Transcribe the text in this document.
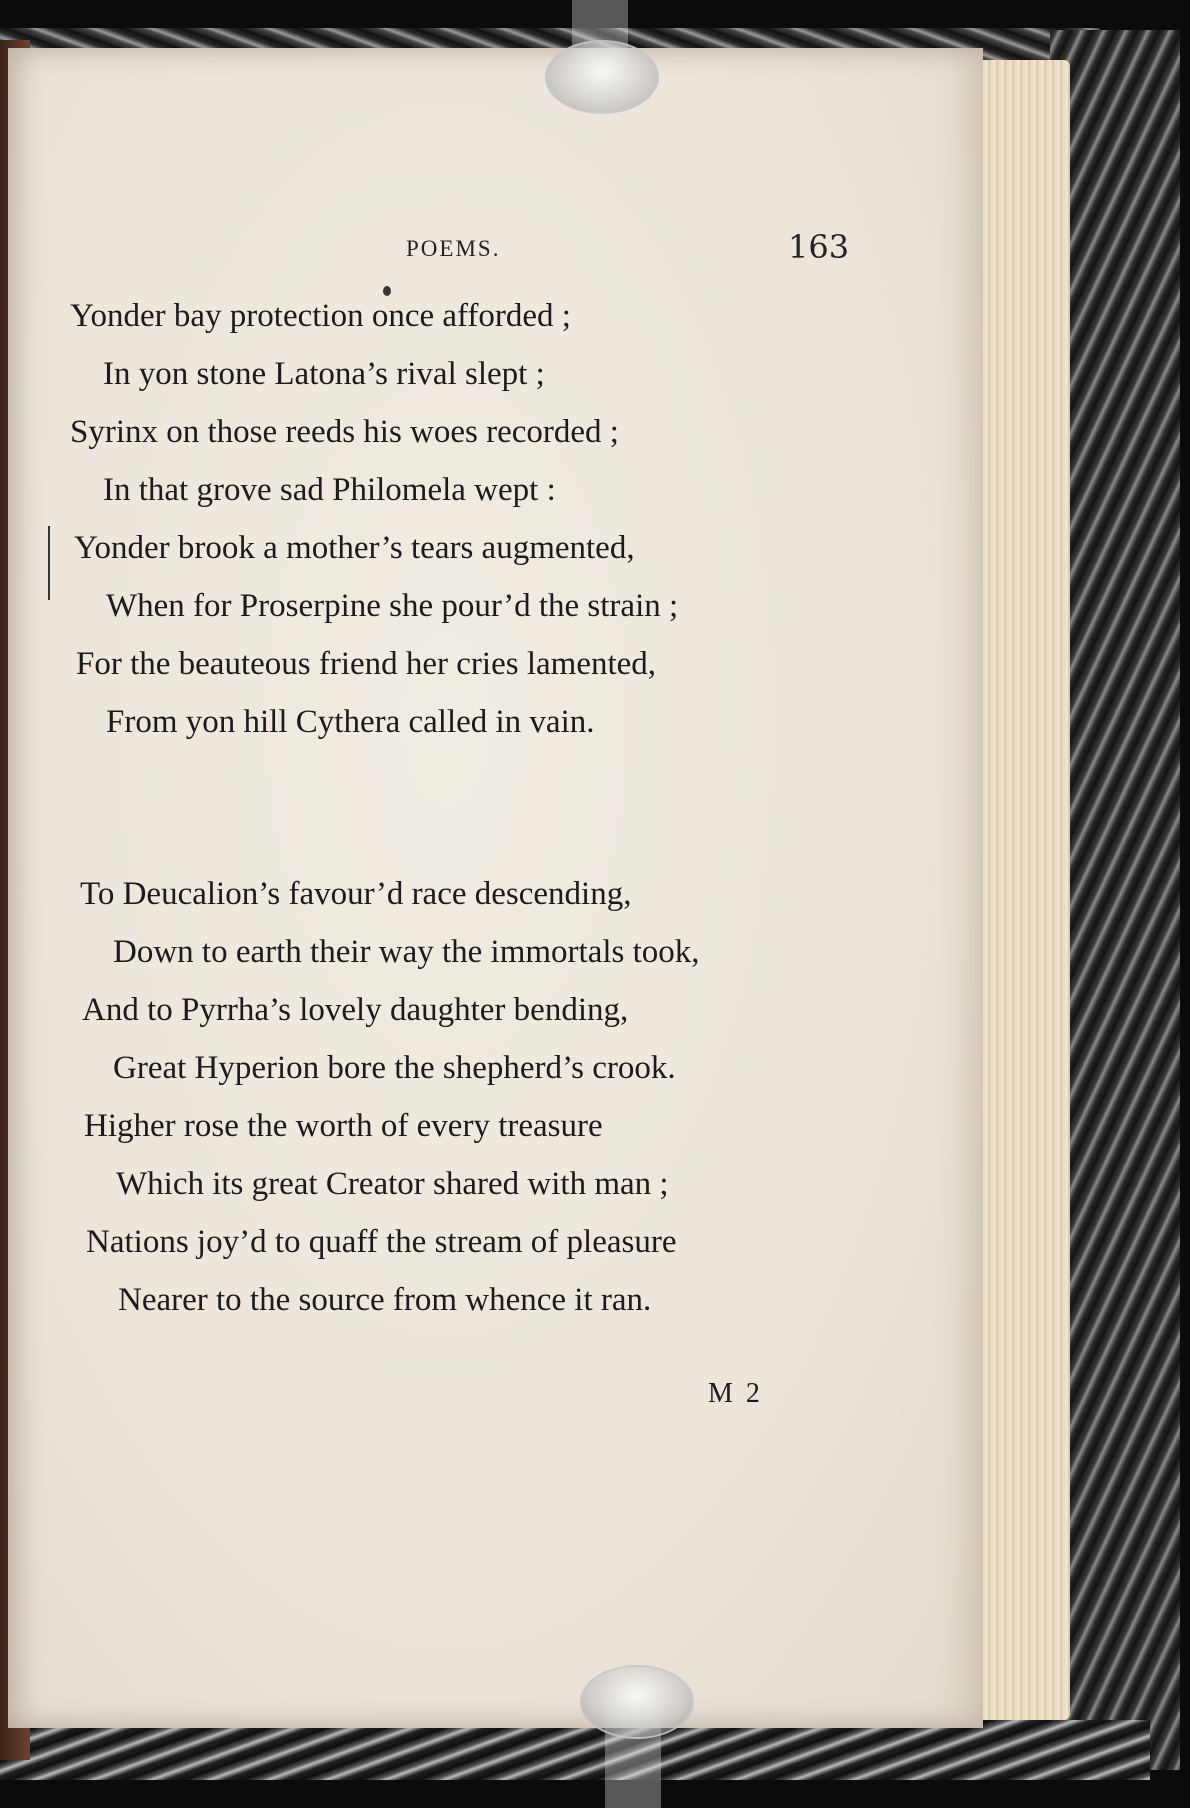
POEMS.	163
Yonder bay protection once afforded ;
In yon stone Latona’s rival slept ;
Syrinx on those reeds his woes recorded ;
In that grove sad Philomela wept :
Yonder brook a mother’s tears augmented,
When for Proserpine she pour’d the strain ;
For the beauteous friend her cries lamented,
From yon hill Cythera called in vain.
To Deucalion’s favour’d race descending,
Down to earth their way the immortals took,
And to Pyrrha’s lovely daughter bending,
Great Hyperion bore the shepherd’s crook.
Higher rose the worth of every treasure
Which its great Creator shared with man ;
Nations joy’d to quaff the stream of pleasure
Nearer to the source from whence it ran.
M 2
